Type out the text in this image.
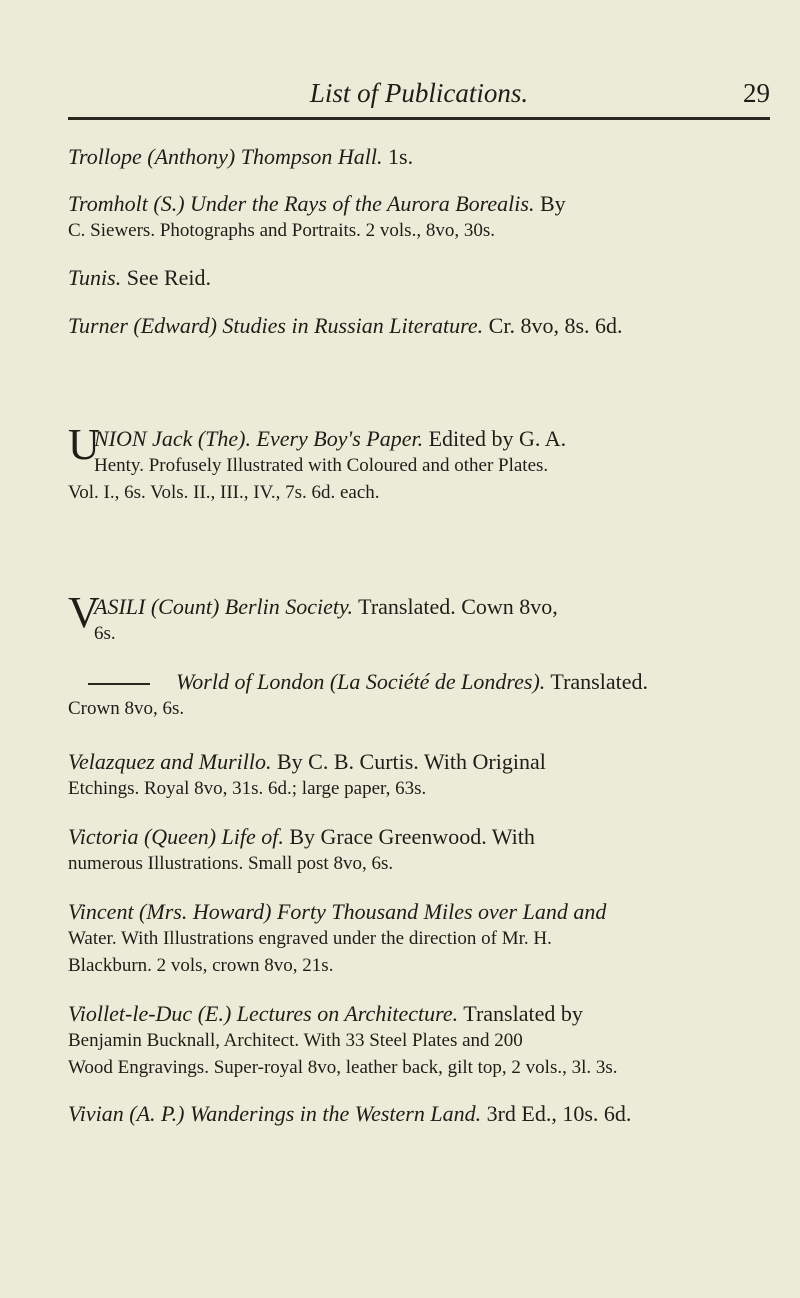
List of Publications.	29
Trollope (Anthony) Thompson Hall. 1s.
Tromholt (S.) Under the Rays of the Aurora Borealis. By
C. Siewers. Photographs and Portraits. 2 vols., 8vo, 30s.
Tunis. See Reid.
Turner (Edward) Studies in Russian Literature. Cr. 8vo, 8s. 6d.
U
NION Jack (The). Every Boy's Paper. Edited by G. A.
Henty. Profusely Illustrated with Coloured and other Plates.
Vol. I., 6s. Vols. II., III., IV., 7s. 6d. each.
V
ASILI (Count) Berlin Society. Translated. Cown 8vo,
6s.
World of London (La Société de Londres). Translated.
Crown 8vo, 6s.
Velazquez and Murillo. By C. B. Curtis. With Original
Etchings. Royal 8vo, 31s. 6d.; large paper, 63s.
Victoria (Queen) Life of. By Grace Greenwood. With
numerous Illustrations. Small post 8vo, 6s.
Vincent (Mrs. Howard) Forty Thousand Miles over Land and
Water. With Illustrations engraved under the direction of Mr. H.
Blackburn. 2 vols, crown 8vo, 21s.
Viollet-le-Duc (E.) Lectures on Architecture. Translated by
Benjamin Bucknall, Architect. With 33 Steel Plates and 200
Wood Engravings. Super-royal 8vo, leather back, gilt top, 2 vols., 3l. 3s.
Vivian (A. P.) Wanderings in the Western Land. 3rd Ed., 10s. 6d.
